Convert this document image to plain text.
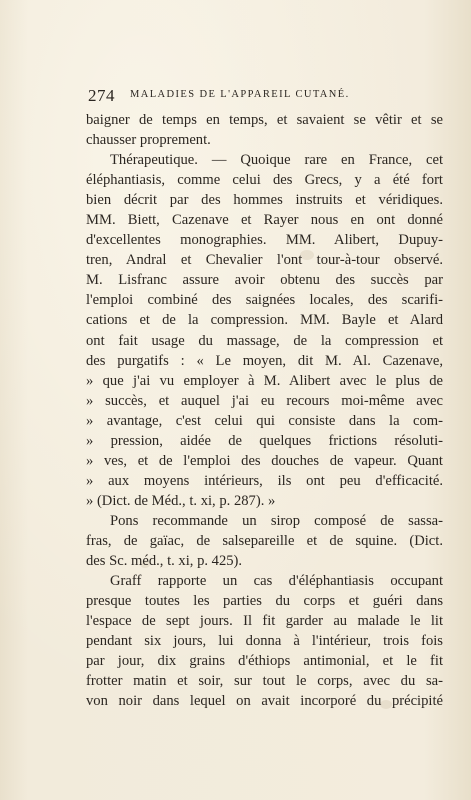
274 MALADIES DE L'APPAREIL CUTANÉ.
baigner de temps en temps, et savaient se vêtir et se
chausser proprement.
Thérapeutique. — Quoique rare en France, cet
éléphantiasis, comme celui des Grecs, y a été fort
bien décrit par des hommes instruits et véridiques.
MM. Biett, Cazenave et Rayer nous en ont donné
d'excellentes monographies. MM. Alibert, Dupuy-
tren, Andral et Chevalier l'ont tour-à-tour observé.
M. Lisfranc assure avoir obtenu des succès par
l'emploi combiné des saignées locales, des scarifi-
cations et de la compression. MM. Bayle et Alard
ont fait usage du massage, de la compression et
des purgatifs : « Le moyen, dit M. Al. Cazenave,
» que j'ai vu employer à M. Alibert avec le plus de
» succès, et auquel j'ai eu recours moi-même avec
» avantage, c'est celui qui consiste dans la com-
» pression, aidée de quelques frictions résoluti-
» ves, et de l'emploi des douches de vapeur. Quant
» aux moyens intérieurs, ils ont peu d'efficacité.
» (Dict. de Méd., t. xi, p. 287). »
Pons recommande un sirop composé de sassa-
fras, de gaïac, de salsepareille et de squine. (Dict.
des Sc. méd., t. xi, p. 425).
Graff rapporte un cas d'éléphantiasis occupant
presque toutes les parties du corps et guéri dans
l'espace de sept jours. Il fit garder au malade le lit
pendant six jours, lui donna à l'intérieur, trois fois
par jour, dix grains d'éthiops antimonial, et le fit
frotter matin et soir, sur tout le corps, avec du sa-
von noir dans lequel on avait incorporé du précipité
